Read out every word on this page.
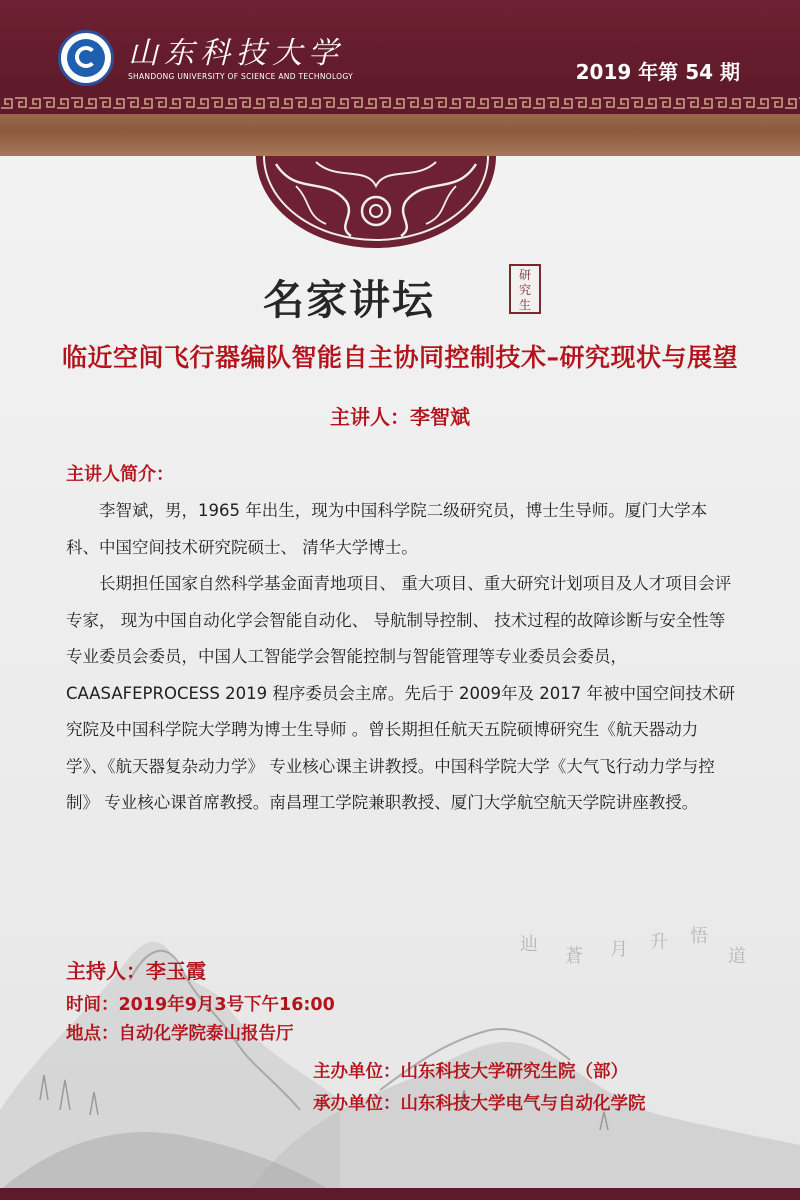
山东科技大学
SHANDONG UNIVERSITY OF SCIENCE AND TECHNOLOGY	2019 年第 54 期
名家讲坛
研
究
生
临近空间飞行器编队智能自主协同控制技术–研究现状与展望
主讲人：李智斌
主讲人简介：

李智斌，男，1965 年出生，现为中国科学院二级研究员，博士生导师。厦门大学本科、中国空间技术研究院硕士、 清华大学博士。

长期担任国家自然科学基金面青地项目、 重大项目、重大研究计划项目及人才项目会评专家， 现为中国自动化学会智能自动化、 导航制导控制、 技术过程的故障诊断与安全性等专业委员会委员，中国人工智能学会智能控制与智能管理等专业委员会委员，CAASAFEPROCESS 2019 程序委员会主席。先后于 2009年及 2017 年被中国空间技术研究院及中国科学院大学聘为博士生导师 。曾长期担任航天五院硕博研究生《航天器动力学》、《航天器复杂动力学》 专业核心课主讲教授。中国科学院大学《大气飞行动力学与控制》 专业核心课首席教授。南昌理工学院兼职教授、厦门大学航空航天学院讲座教授。

辿
蒼 月 升 悟
道
主持人：李玉霞
时间：2019年9月3号下午16:00
地点：自动化学院泰山报告厅
主办单位：山东科技大学研究生院（部）
承办单位：山东科技大学电气与自动化学院
